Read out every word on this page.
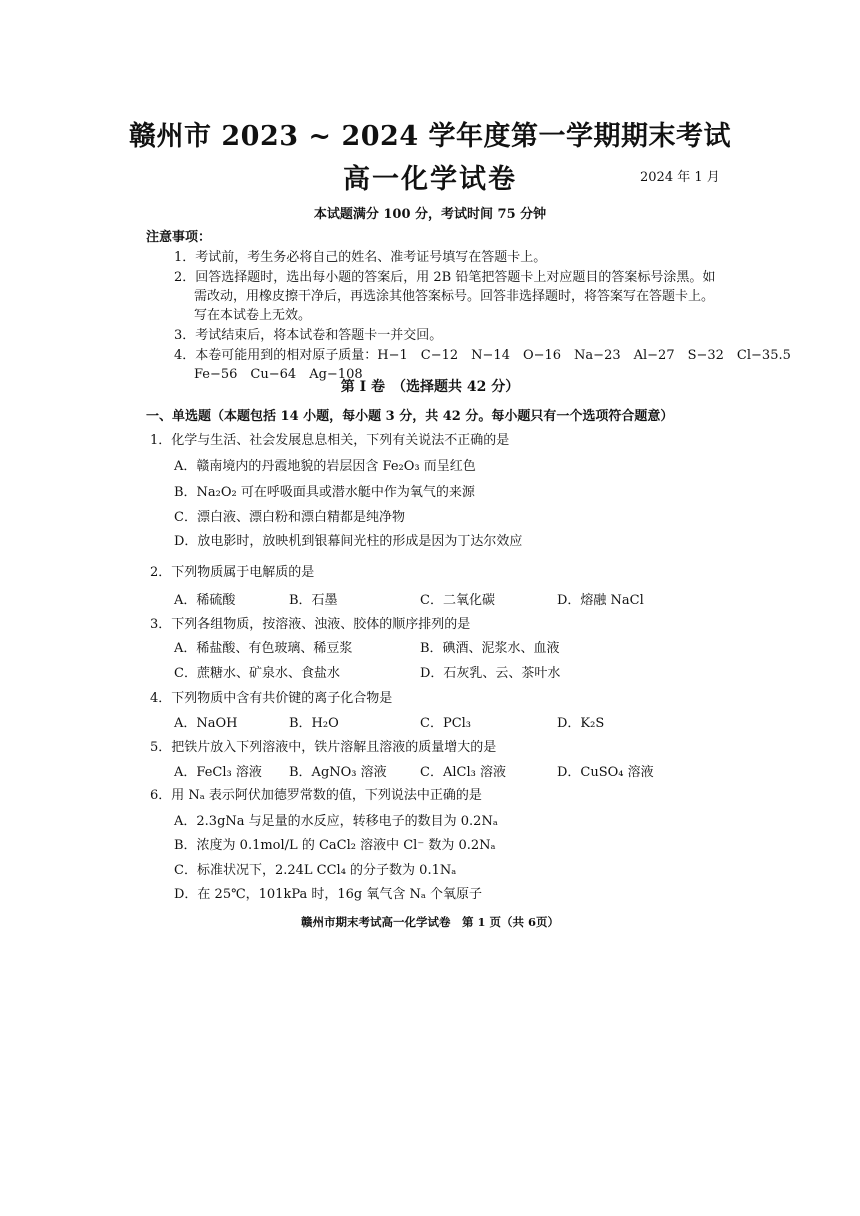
赣州市 2023 ~ 2024 学年度第一学期期末考试
高一化学试卷	2024 年 1 月
本试题满分 100 分，考试时间 75 分钟
注意事项：
1．考试前，考生务必将自己的姓名、准考证号填写在答题卡上。
2．回答选择题时，选出每小题的答案后，用 2B 铅笔把答题卡上对应题目的答案标号涂黑。如
需改动，用橡皮擦干净后，再选涂其他答案标号。回答非选择题时，将答案写在答题卡上。
写在本试卷上无效。
3．考试结束后，将本试卷和答题卡一并交回。
4．本卷可能用到的相对原子质量：H−1　C−12　N−14　O−16　Na−23　Al−27　S−32　Cl−35.5
Fe−56　Cu−64　Ag−108
第 I 卷　（选择题共 42 分）
一、单选题（本题包括 14 小题，每小题 3 分，共 42 分。每小题只有一个选项符合题意）
1．化学与生活、社会发展息息相关，下列有关说法不正确的是
A．赣南境内的丹霞地貌的岩层因含 Fe₂O₃ 而呈红色
B．Na₂O₂ 可在呼吸面具或潜水艇中作为氧气的来源
C．漂白液、漂白粉和漂白精都是纯净物
D．放电影时，放映机到银幕间光柱的形成是因为丁达尔效应
2．下列物质属于电解质的是
A．稀硫酸	B．石墨	C．二氧化碳	D．熔融 NaCl
3．下列各组物质，按溶液、浊液、胶体的顺序排列的是
A．稀盐酸、有色玻璃、稀豆浆	B．碘酒、泥浆水、血液
C．蔗糖水、矿泉水、食盐水	D．石灰乳、云、茶叶水
4．下列物质中含有共价键的离子化合物是
A．NaOH	B．H₂O	C．PCl₃	D．K₂S
5．把铁片放入下列溶液中，铁片溶解且溶液的质量增大的是
A．FeCl₃ 溶液 B．AgNO₃ 溶液	C．AlCl₃ 溶液	D．CuSO₄ 溶液
6．用 Nₐ 表示阿伏加德罗常数的值，下列说法中正确的是
A．2.3gNa 与足量的水反应，转移电子的数目为 0.2Nₐ
B．浓度为 0.1mol/L 的 CaCl₂ 溶液中 Cl⁻ 数为 0.2Nₐ
C．标准状况下，2.24L CCl₄ 的分子数为 0.1Nₐ
D．在 25℃，101kPa 时，16g 氧气含 Nₐ 个氧原子
赣州市期末考试高一化学试卷　第 1 页（共 6页）
